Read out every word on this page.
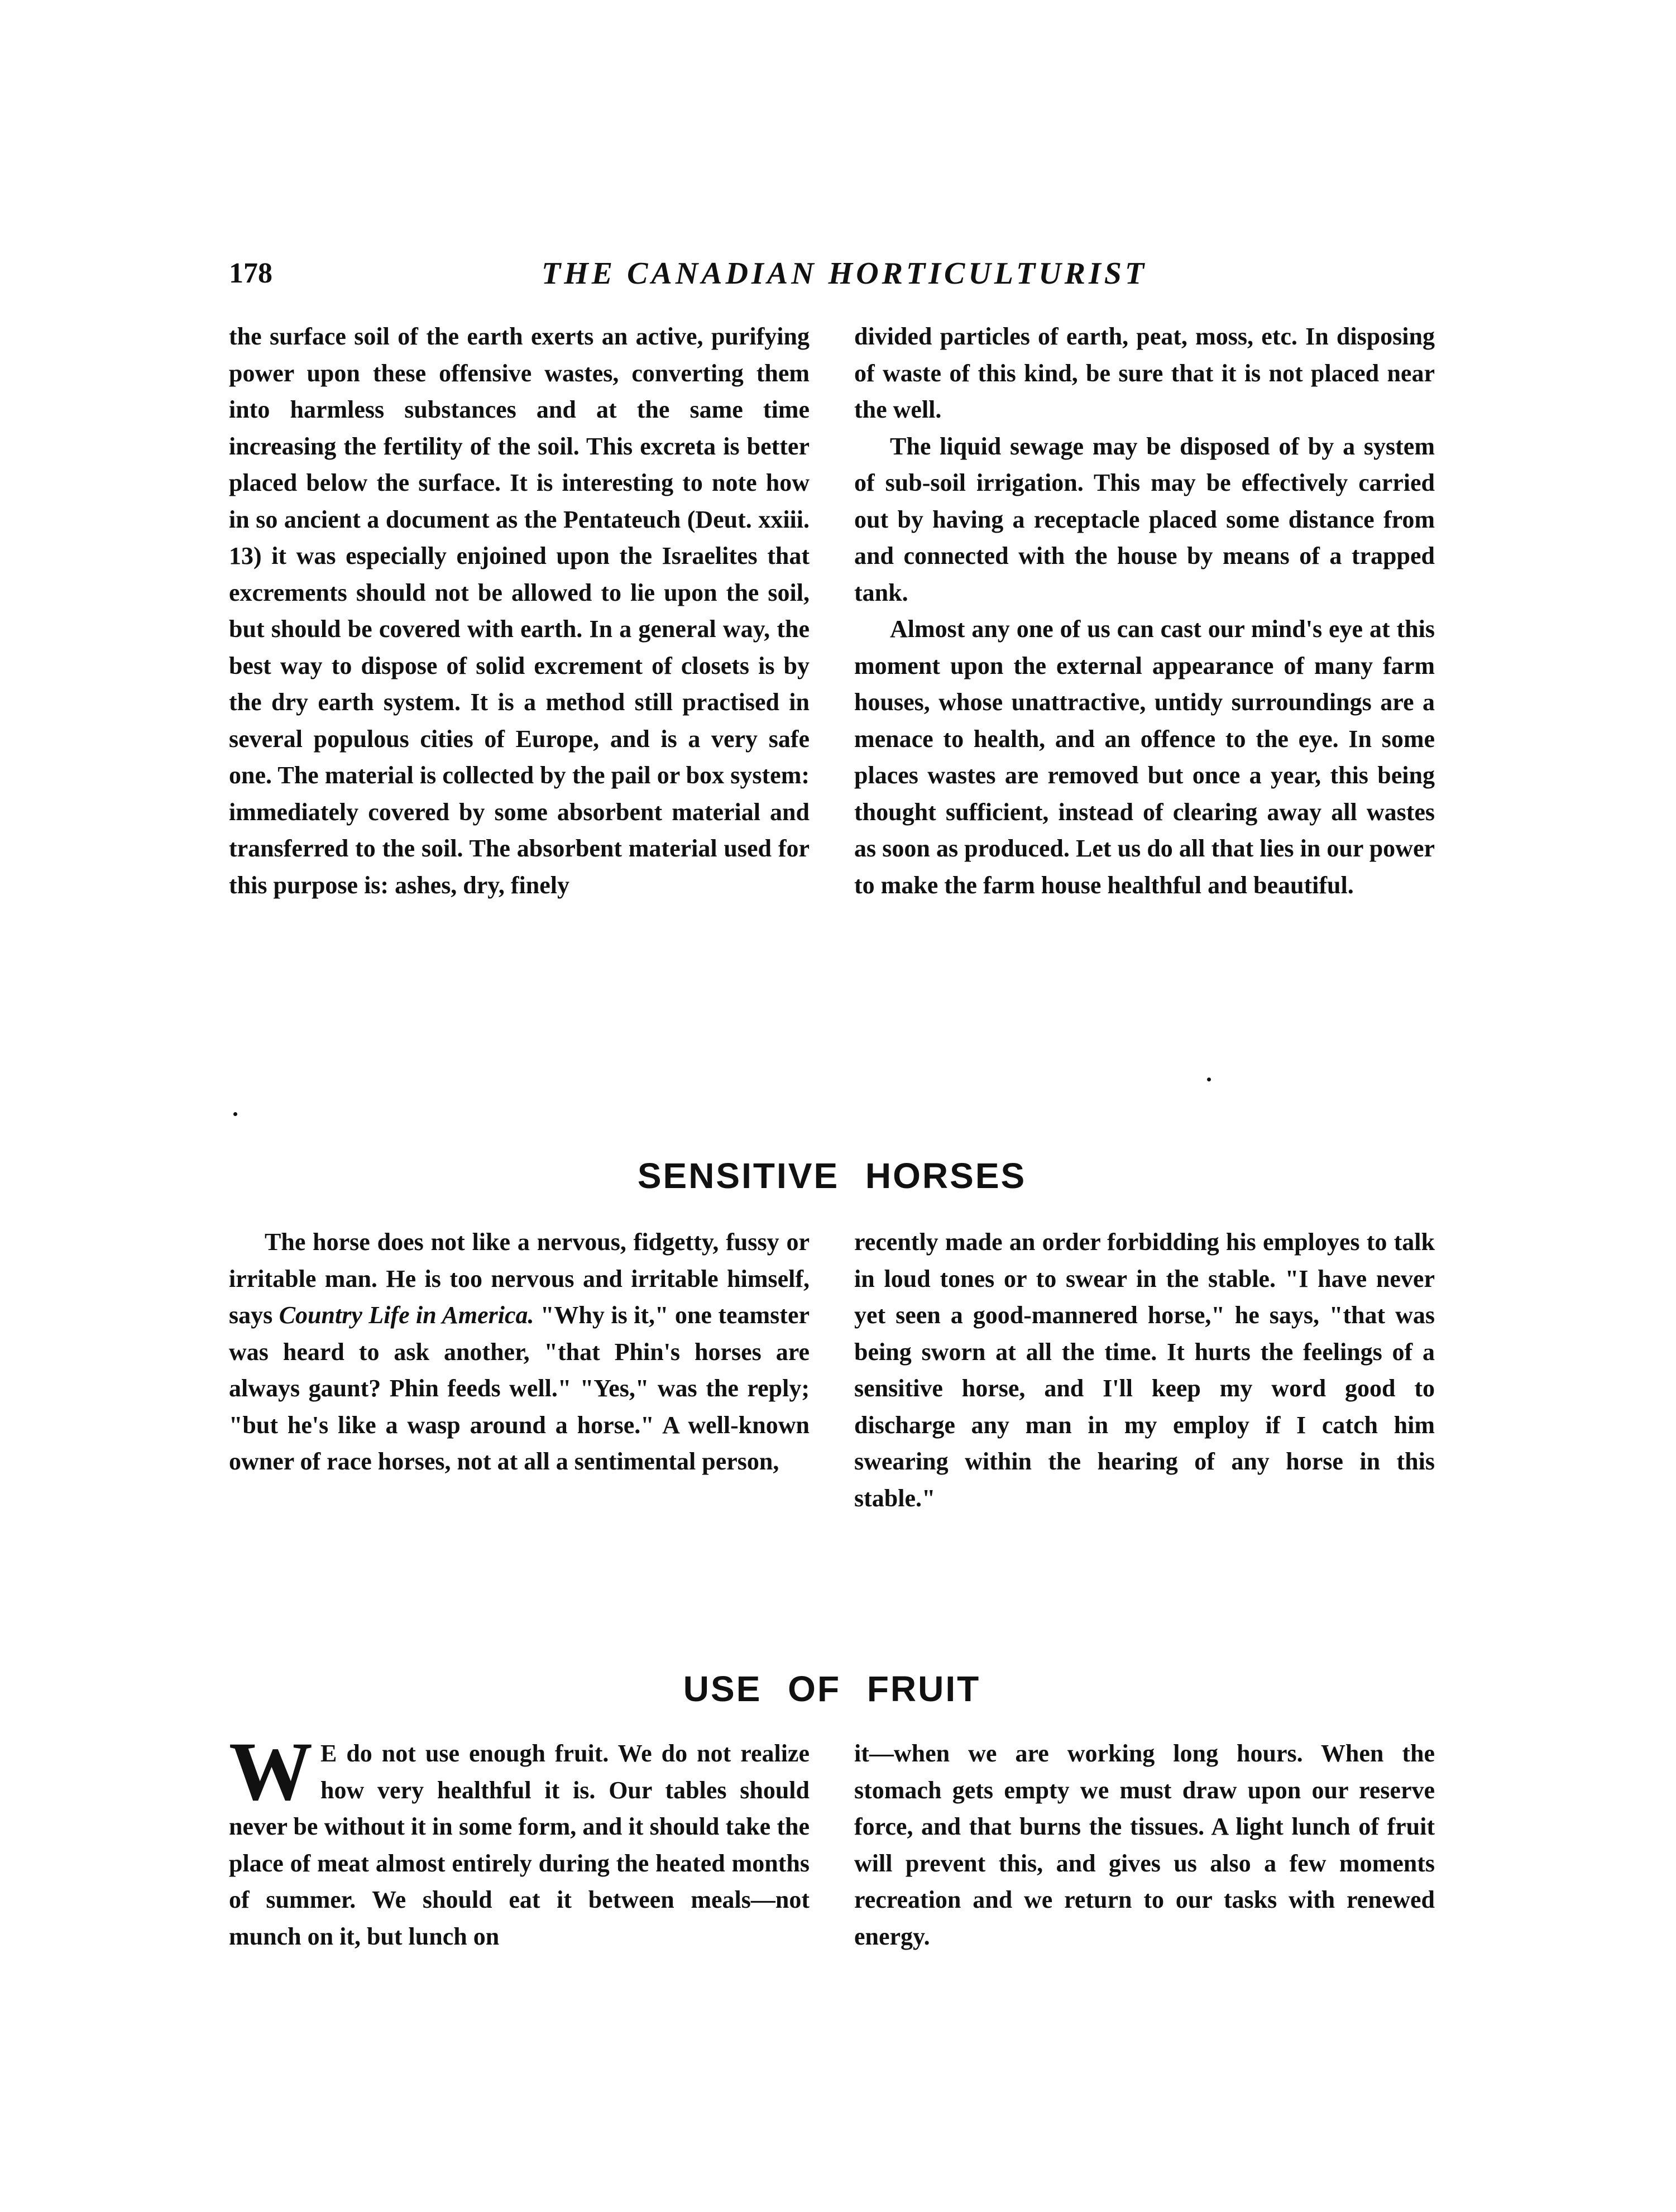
178	THE CANADIAN HORTICULTURIST

the surface soil of the earth exerts an active, purifying power upon these offensive wastes, converting them into harmless substances and at the same time increasing the fertility of the soil. This excreta is better placed below the surface. It is interesting to note how in so ancient a document as the Pentateuch (Deut. xxiii. 13) it was especially enjoined upon the Israelites that excrements should not be allowed to lie upon the soil, but should be covered with earth. In a general way, the best way to dispose of solid excrement of closets is by the dry earth system. It is a method still practised in several populous cities of Europe, and is a very safe one. The material is collected by the pail or box system: immediately covered by some absorbent material and transferred to the soil. The absorbent material used for this purpose is: ashes, dry, finely

divided particles of earth, peat, moss, etc. In disposing of waste of this kind, be sure that it is not placed near the well.

The liquid sewage may be disposed of by a system of sub-soil irrigation. This may be effectively carried out by having a receptacle placed some distance from and connected with the house by means of a trapped tank.

Almost any one of us can cast our mind's eye at this moment upon the external appearance of many farm houses, whose unattractive, untidy surroundings are a menace to health, and an offence to the eye. In some places wastes are removed but once a year, this being thought sufficient, instead of clearing away all wastes as soon as produced. Let us do all that lies in our power to make the farm house healthful and beautiful.

SENSITIVE HORSES

The horse does not like a nervous, fidgetty, fussy or irritable man. He is too nervous and irritable himself, says Country Life in America. "Why is it," one teamster was heard to ask another, "that Phin's horses are always gaunt? Phin feeds well." "Yes," was the reply; "but he's like a wasp around a horse." A well-known owner of race horses, not at all a sentimental person,

recently made an order forbidding his employes to talk in loud tones or to swear in the stable. "I have never yet seen a good-mannered horse," he says, "that was being sworn at all the time. It hurts the feelings of a sensitive horse, and I'll keep my word good to discharge any man in my employ if I catch him swearing within the hearing of any horse in this stable."

USE OF FRUIT

W E do not use enough fruit. We do not realize how very healthful it is. Our tables should never be without it in some form, and it should take the place of meat almost entirely during the heated months of summer. We should eat it between meals—not munch on it, but lunch on

it—when we are working long hours. When the stomach gets empty we must draw upon our reserve force, and that burns the tissues. A light lunch of fruit will prevent this, and gives us also a few moments recreation and we return to our tasks with renewed energy.
